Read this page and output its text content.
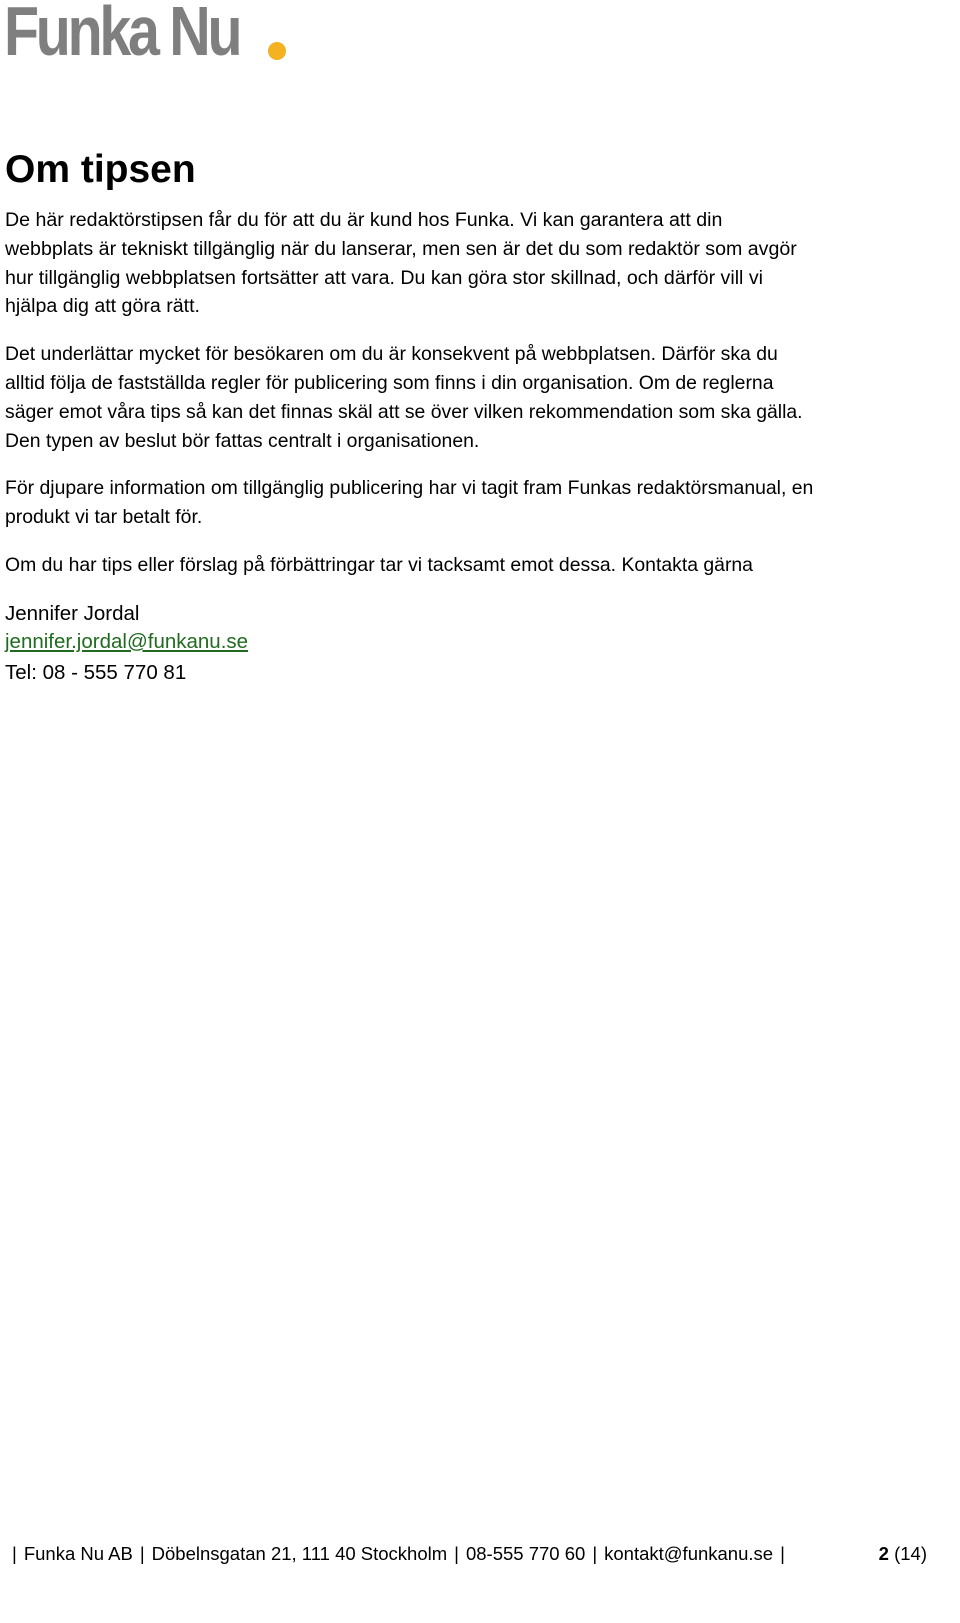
Funka Nu
Om tipsen

De här redaktörstipsen får du för att du är kund hos Funka. Vi kan garantera att din webbplats är tekniskt tillgänglig när du lanserar, men sen är det du som redaktör som avgör hur tillgänglig webbplatsen fortsätter att vara. Du kan göra stor skillnad, och därför vill vi hjälpa dig att göra rätt.

Det underlättar mycket för besökaren om du är konsekvent på webbplatsen. Därför ska du alltid följa de fastställda regler för publicering som finns i din organisation. Om de reglerna säger emot våra tips så kan det finnas skäl att se över vilken rekommendation som ska gälla. Den typen av beslut bör fattas centralt i organisationen.

För djupare information om tillgänglig publicering har vi tagit fram Funkas redaktörsmanual, en produkt vi tar betalt för.

Om du har tips eller förslag på förbättringar tar vi tacksamt emot dessa. Kontakta gärna

Jennifer Jordal
jennifer.jordal@funkanu.se
Tel: 08 - 555 770 81
| Funka Nu AB | Döbelnsgatan 21, 111 40 Stockholm | 08-555 770 60 | kontakt@funkanu.se |	2 (14)
